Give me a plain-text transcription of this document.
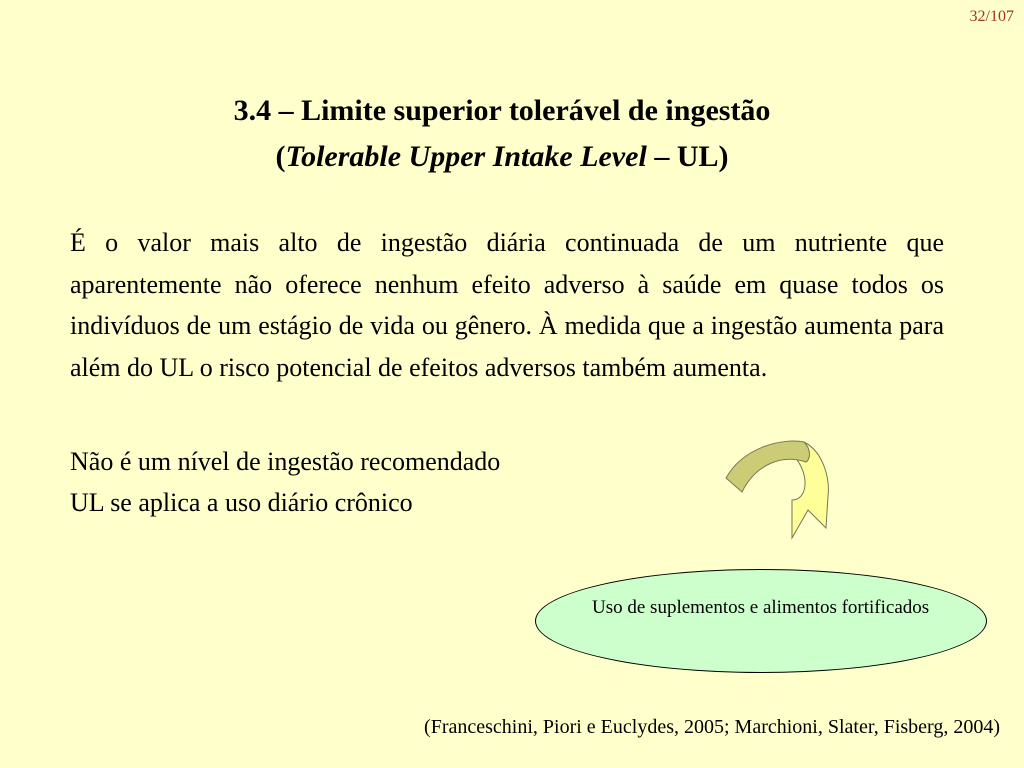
32/107
3.4 – Limite superior tolerável de ingestão
(Tolerable Upper Intake Level – UL)
É o valor mais alto de ingestão diária continuada de um nutriente que aparentemente não oferece nenhum efeito adverso à saúde em quase todos os indivíduos de um estágio de vida ou gênero. À medida que a ingestão aumenta para além do UL o risco potencial de efeitos adversos também aumenta.
Não é um nível de ingestão recomendado
UL se aplica a uso diário crônico
Uso de suplementos e alimentos fortificados
(Franceschini, Piori e Euclydes, 2005; Marchioni, Slater, Fisberg, 2004)
